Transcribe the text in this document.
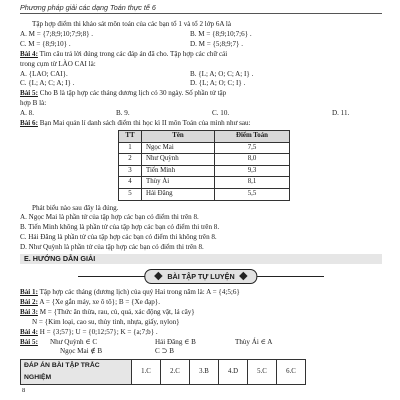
Phương pháp giải các dạng Toán thực tế 6
Tập hợp điểm thi khảo sát môn toán của các bạn tổ 1 và tổ 2 lớp 6A là
A. M = {7;8;9;10;7;9;8} .	B. M = {8;9;10;7;6} .
C. M = {8;9;10} .	D. M = {5;8;9;7} .
Bài 4: Tìm câu trả lời đúng trong các đáp án đã cho. Tập hợp các chữ cái
trong cụm từ LÀO CAI là:
A. {LAO; CAI}.	B. {L; A; O; C; A; I} .
C. {L; A; C; A; I} .	D. {L; A; O; C; I} .
Bài 5: Cho B là tập hợp các tháng dương lịch có 30 ngày. Số phần tử tập
hợp B là:
A. 8.	B. 9.	C. 10.	D. 11.
Bài 6: Bạn Mai quản lí danh sách điểm thi học kì II môn Toán của mình như sau:
TT	Tên	Điểm Toán
1	Ngọc Mai	7,5
2	Như Quỳnh	8,0
3	Tiến Minh	9,3
4	Thùy Ái	8,1
5	Hải Đăng	5,5
Phát biểu nào sau đây là đúng.
A. Ngọc Mai là phần tử của tập hợp các bạn có điểm thi trên 8.
B. Tiến Minh không là phần tử của tập hợp các bạn có điểm thi trên 8.
C. Hải Đăng là phần tử của tập hợp các bạn có điểm thi không trên 8.
D. Như Quỳnh là phần tử của tập hợp các bạn có điểm thi trên 8.
E. HƯỚNG DẪN GIẢI
BÀI TẬP TỰ LUYỆN
Bài 1: Tập hợp các tháng (dương lịch) của quý Hai trong năm là: A = {4;5;6}
Bài 2: A = {Xe gắn máy, xe ô tô}; B = {Xe đạp}.
Bài 3: M = {Thức ăn thừa, rau, củ, quả, xác động vật, lá cây}
N = {Kim loại, cao su, thủy tinh, nhựa, giấy, nylon}
Bài 4: H = {3;57}; U = {0;12;57}; K = {a;7;b} .
Bài 5:	Như Quỳnh ∈ C	Hải Đăng ∈ B	Thùy Ái ∈ A
Ngọc Mai ∉ B	C ⊃ B
ĐÁP ÁN BÀI TẬP TRẮC NGHIỆM	1.C	2.C	3.B	4.D	5.C	6.C
8
